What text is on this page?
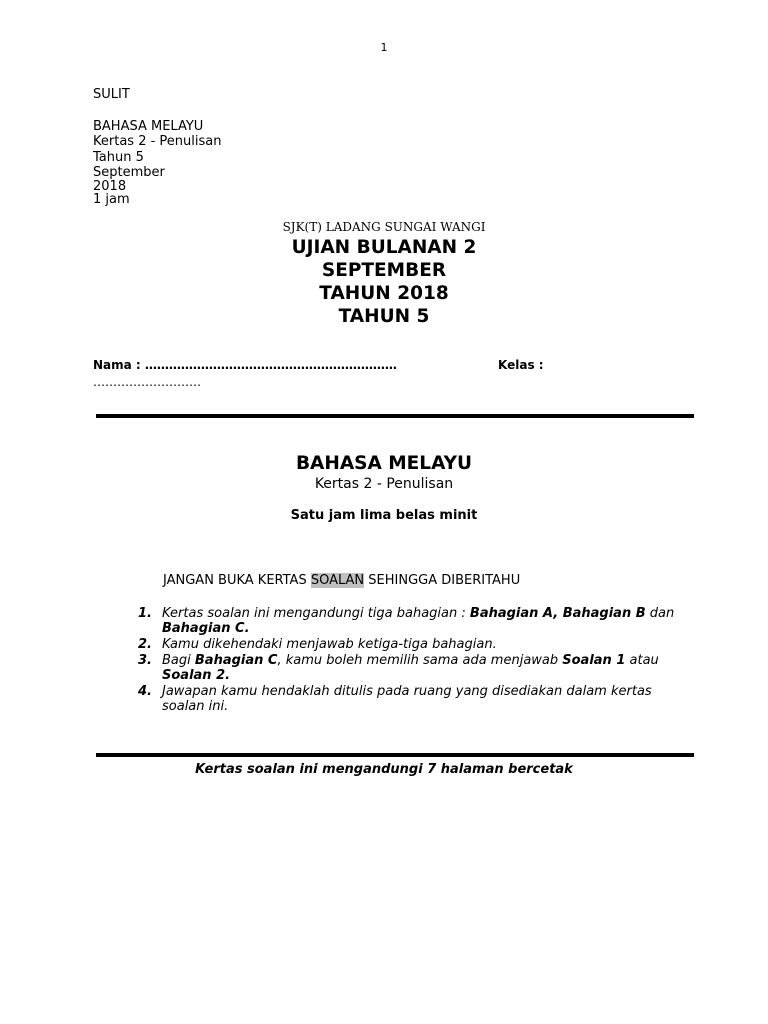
1
SULIT
BAHASA MELAYU
Kertas 2 - Penulisan
Tahun 5
September
2018
1 jam
SJK(T) LADANG SUNGAI WANGI
UJIAN BULANAN 2
SEPTEMBER
TAHUN 2018
TAHUN 5
Nama : ………………………………………………………	Kelas :
………………………
BAHASA MELAYU
Kertas 2 - Penulisan
Satu jam lima belas minit
JANGAN BUKA KERTAS SOALAN SEHINGGA DIBERITAHU
1. Kertas soalan ini mengandungi tiga bahagian : Bahagian A, Bahagian B dan Bahagian C.
2. Kamu dikehendaki menjawab ketiga-tiga bahagian.
3. Bagi Bahagian C, kamu boleh memilih sama ada menjawab Soalan 1 atau Soalan 2.
4. Jawapan kamu hendaklah ditulis pada ruang yang disediakan dalam kertas soalan ini.
Kertas soalan ini mengandungi 7 halaman bercetak
